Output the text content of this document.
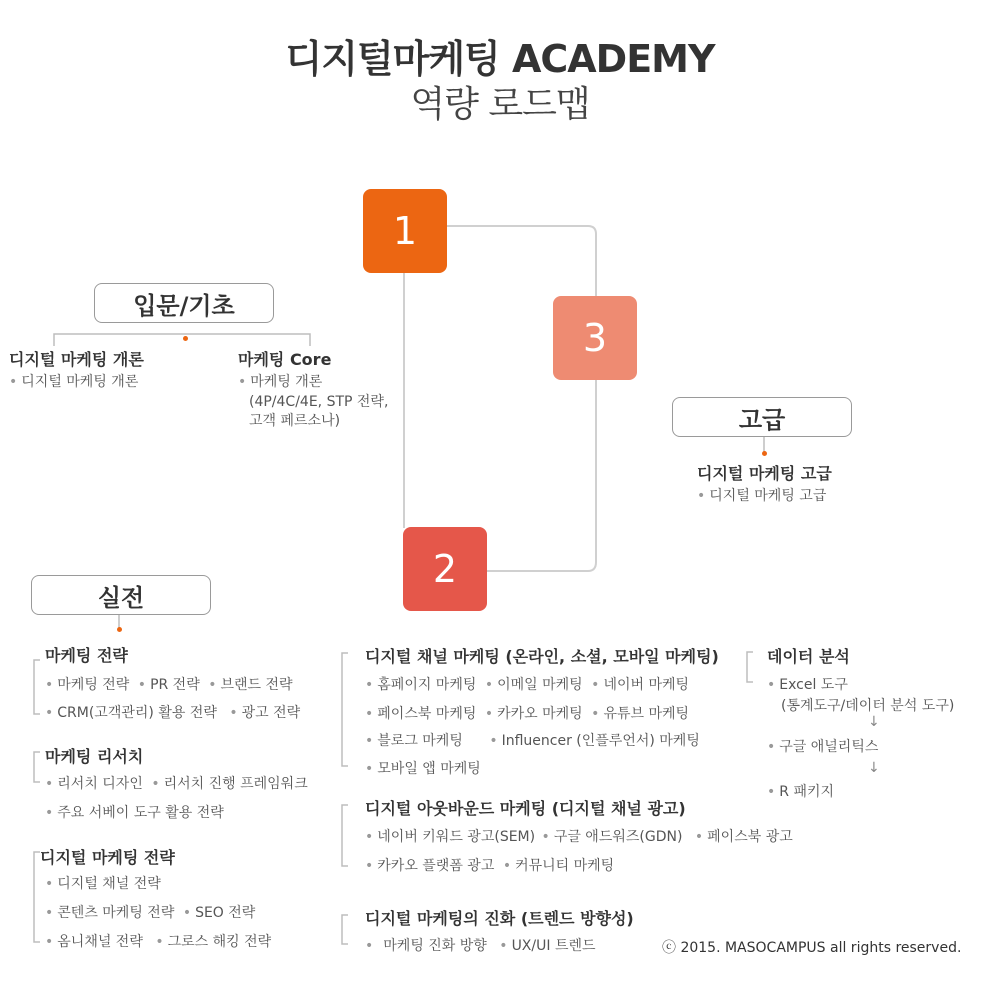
디지털마케팅 ACADEMY
역량 로드맵
1
2
3
입문/기초
디지털 마케팅 개론
• 디지털 마케팅 개론
마케팅 Core
• 마케팅 개론
(4P/4C/4E, STP 전략,
고객 페르소나)	고급
디지털 마케팅 고급
• 디지털 마케팅 고급
실전
마케팅 전략
• 마케팅 전략 • PR 전략 • 브랜드 전략
• CRM(고객관리) 활용 전략 • 광고 전략
마케팅 리서치
• 리서치 디자인 • 리서치 진행 프레임워크
• 주요 서베이 도구 활용 전략
디지털 마케팅 전략
• 디지털 채널 전략
• 콘텐츠 마케팅 전략 • SEO 전략
• 옴니채널 전략 • 그로스 해킹 전략
디지털 채널 마케팅 (온라인, 소셜, 모바일 마케팅)
• 홈페이지 마케팅 • 이메일 마케팅 • 네이버 마케팅
• 페이스북 마케팅 • 카카오 마케팅 • 유튜브 마케팅
• 블로그 마케팅 • Influencer (인플루언서) 마케팅
• 모바일 앱 마케팅
디지털 아웃바운드 마케팅 (디지털 채널 광고)
• 네이버 키워드 광고(SEM) • 구글 애드워즈(GDN) • 페이스북 광고
• 카카오 플랫폼 광고 • 커뮤니티 마케팅
디지털 마케팅의 진화 (트렌드 방향성)
• 마케팅 진화 방향 • UX/UI 트렌드
데이터 분석
• Excel 도구
(통계도구/데이터 분석 도구)
↓
• 구글 애널리틱스
↓
• R 패키지
ⓒ 2015. MASOCAMPUS all rights reserved.
